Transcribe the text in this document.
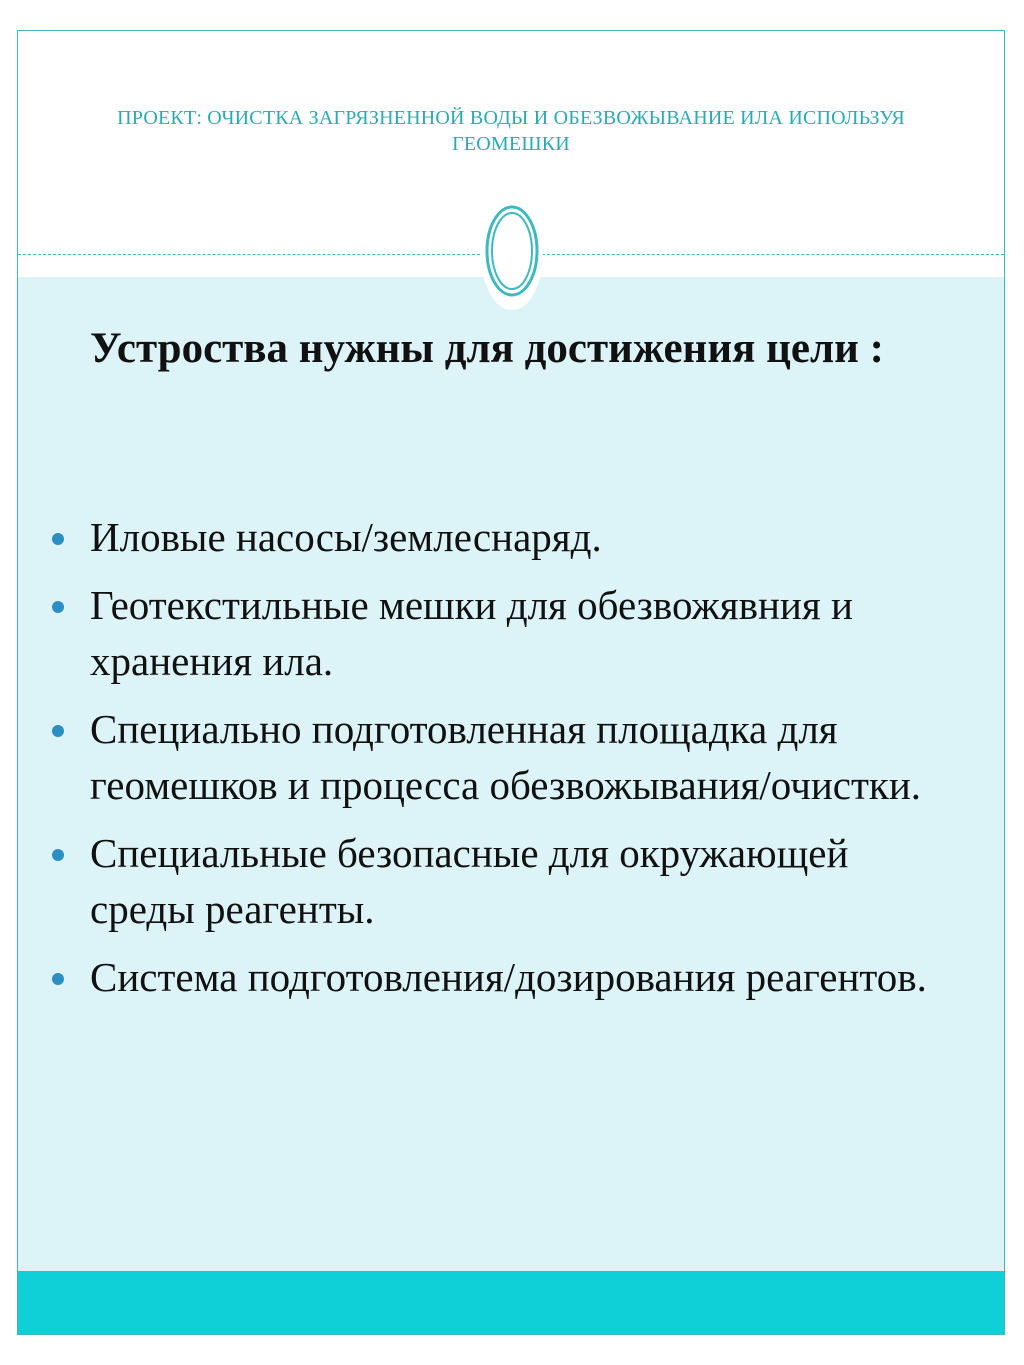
ПРОЕКТ: ОЧИСТКА ЗАГРЯЗНЕННОЙ ВОДЫ И ОБЕЗВОЖЫВАНИЕ ИЛА ИСПОЛЬЗУЯ ГЕОМЕШКИ
Устроства нужны для достижения цели :
Иловые насосы/землеснаряд.
Геотекстильные мешки для обезвожявния и хранения ила.
Специально подготовленная площадка для геомешков и процесса обезвожывания/очистки.
Специальные безопасные для окружающей среды реагенты.
Система подготовления/дозирования реагентов.
